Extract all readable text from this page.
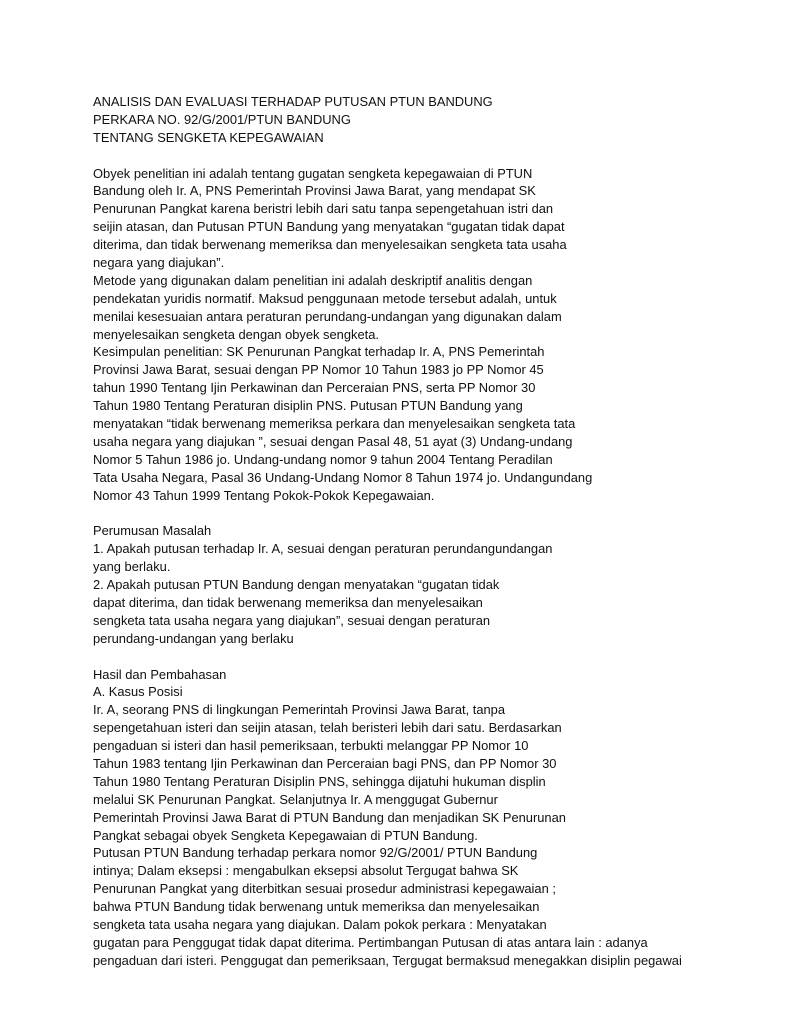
ANALISIS DAN EVALUASI TERHADAP PUTUSAN PTUN BANDUNG
PERKARA NO. 92/G/2001/PTUN BANDUNG
TENTANG SENGKETA KEPEGAWAIAN
Obyek penelitian ini adalah tentang gugatan sengketa kepegawaian di PTUN
Bandung oleh Ir. A, PNS Pemerintah Provinsi Jawa Barat, yang mendapat SK
Penurunan Pangkat karena beristri lebih dari satu tanpa sepengetahuan istri dan
seijin atasan, dan Putusan PTUN Bandung yang menyatakan “gugatan tidak dapat
diterima, dan tidak berwenang memeriksa dan menyelesaikan sengketa tata usaha
negara yang diajukan”.
Metode yang digunakan dalam penelitian ini adalah deskriptif analitis dengan
pendekatan yuridis normatif. Maksud penggunaan metode tersebut adalah, untuk
menilai kesesuaian antara peraturan perundang-undangan yang digunakan dalam
menyelesaikan sengketa dengan obyek sengketa.
Kesimpulan penelitian: SK Penurunan Pangkat terhadap Ir. A, PNS Pemerintah
Provinsi Jawa Barat, sesuai dengan PP Nomor 10 Tahun 1983 jo PP Nomor 45
tahun 1990 Tentang Ijin Perkawinan dan Perceraian PNS, serta PP Nomor 30
Tahun 1980 Tentang Peraturan disiplin PNS. Putusan PTUN Bandung yang
menyatakan “tidak berwenang memeriksa perkara dan menyelesaikan sengketa tata
usaha negara yang diajukan ”, sesuai dengan Pasal 48, 51 ayat (3) Undang-undang
Nomor 5 Tahun 1986 jo. Undang-undang nomor 9 tahun 2004 Tentang Peradilan
Tata Usaha Negara, Pasal 36 Undang-Undang Nomor 8 Tahun 1974 jo. Undangundang
Nomor 43 Tahun 1999 Tentang Pokok-Pokok Kepegawaian.
Perumusan Masalah
1. Apakah putusan terhadap Ir. A, sesuai dengan peraturan perundangundangan
yang berlaku.
2. Apakah putusan PTUN Bandung dengan menyatakan “gugatan tidak
dapat diterima, dan tidak berwenang memeriksa dan menyelesaikan
sengketa tata usaha negara yang diajukan”, sesuai dengan peraturan
perundang-undangan yang berlaku
Hasil dan Pembahasan
A. Kasus Posisi
Ir. A, seorang PNS di lingkungan Pemerintah Provinsi Jawa Barat, tanpa
sepengetahuan isteri dan seijin atasan, telah beristeri lebih dari satu. Berdasarkan
pengaduan si isteri dan hasil pemeriksaan, terbukti melanggar PP Nomor 10
Tahun 1983 tentang Ijin Perkawinan dan Perceraian bagi PNS, dan PP Nomor 30
Tahun 1980 Tentang Peraturan Disiplin PNS, sehingga dijatuhi hukuman displin
melalui SK Penurunan Pangkat. Selanjutnya Ir. A menggugat Gubernur
Pemerintah Provinsi Jawa Barat di PTUN Bandung dan menjadikan SK Penurunan
Pangkat sebagai obyek Sengketa Kepegawaian di PTUN Bandung.
Putusan PTUN Bandung terhadap perkara nomor 92/G/2001/ PTUN Bandung
intinya; Dalam eksepsi : mengabulkan eksepsi absolut Tergugat bahwa SK
Penurunan Pangkat yang diterbitkan sesuai prosedur administrasi kepegawaian ;
bahwa PTUN Bandung tidak berwenang untuk memeriksa dan menyelesaikan
sengketa tata usaha negara yang diajukan. Dalam pokok perkara : Menyatakan
gugatan para Penggugat tidak dapat diterima. Pertimbangan Putusan di atas antara lain : adanya
pengaduan dari isteri. Penggugat dan pemeriksaan, Tergugat bermaksud menegakkan disiplin pegawai
